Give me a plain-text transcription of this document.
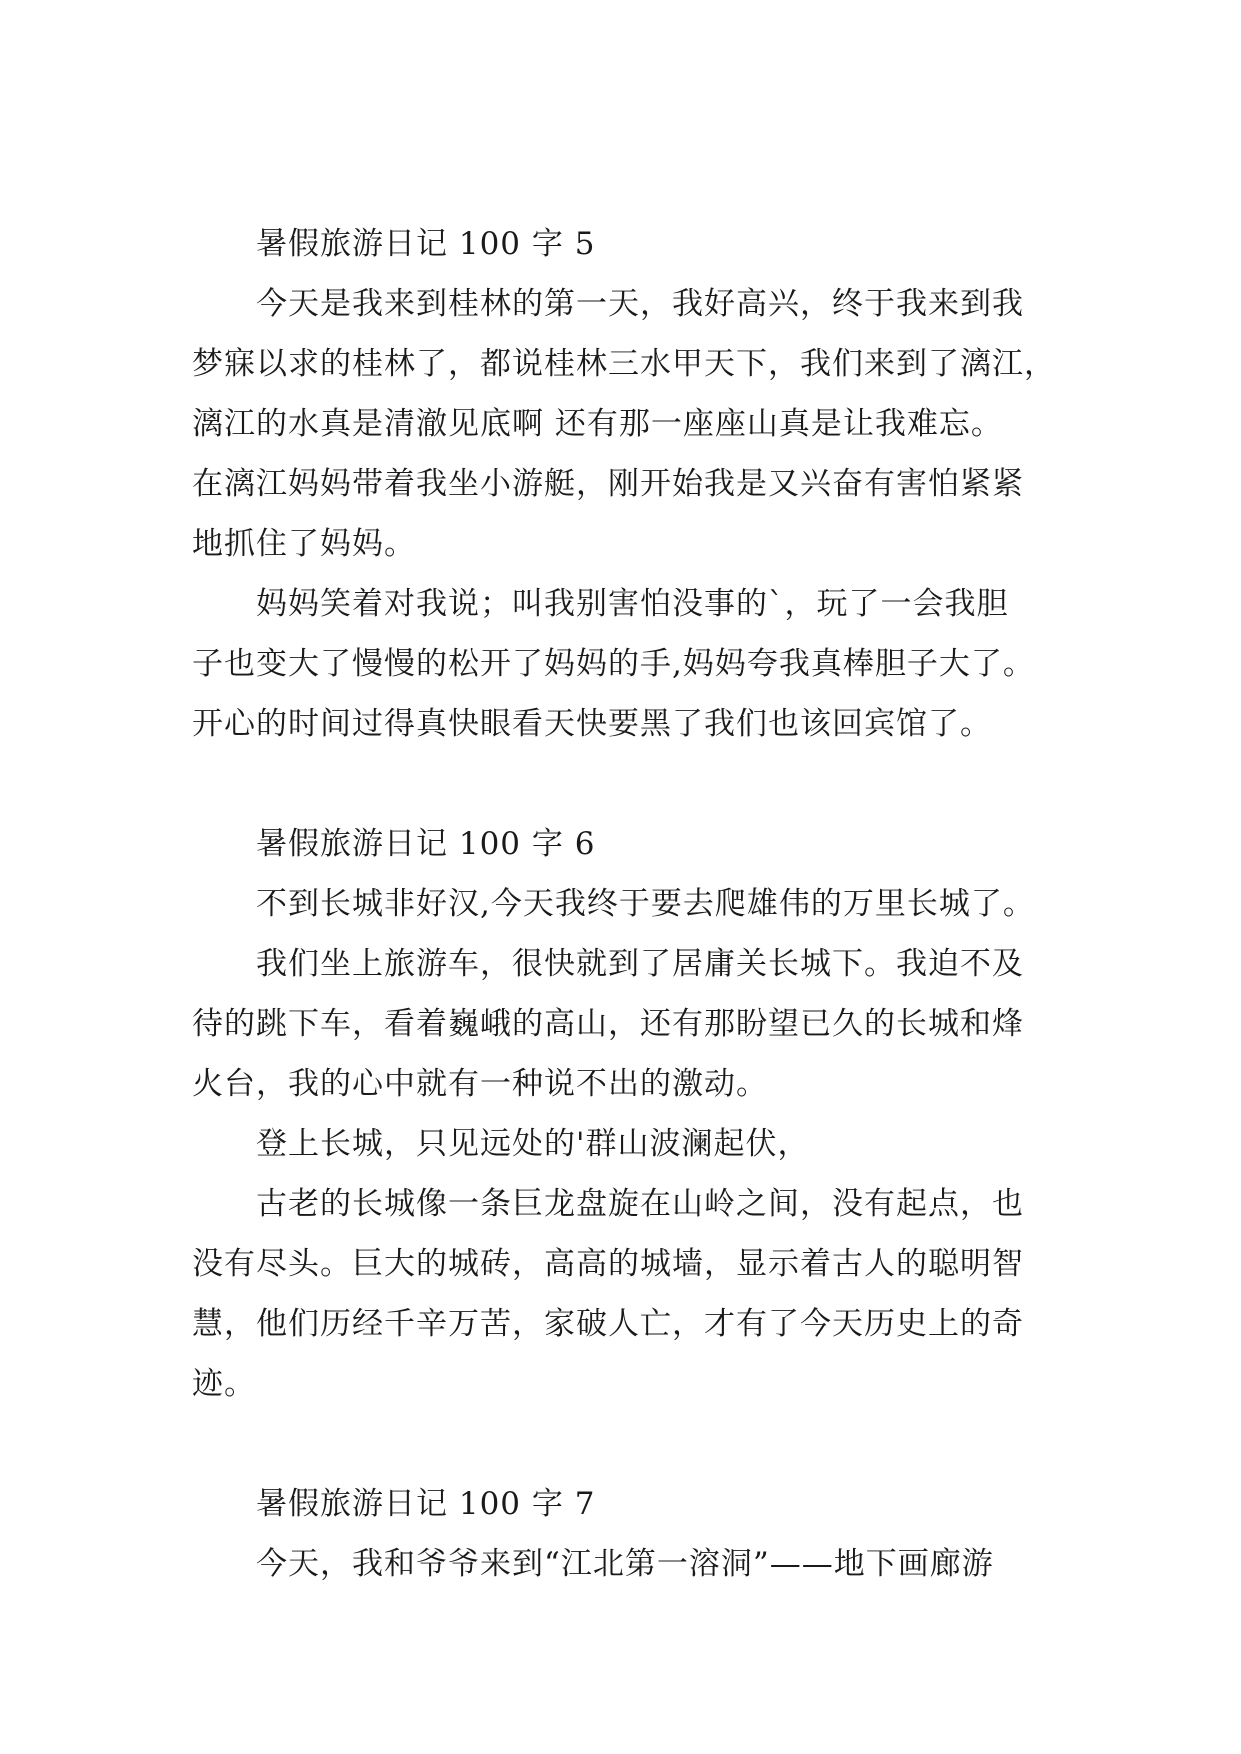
暑假旅游日记 100 字 5
今天是我来到桂林的第一天，我好高兴，终于我来到我
梦寐以求的桂林了，都说桂林三水甲天下，我们来到了漓江，
漓江的水真是清澈见底啊 还有那一座座山真是让我难忘。
在漓江妈妈带着我坐小游艇，刚开始我是又兴奋有害怕紧紧
地抓住了妈妈。
妈妈笑着对我说；叫我别害怕没事的`，玩了一会我胆
子也变大了慢慢的松开了妈妈的手,妈妈夸我真棒胆子大了。
开心的时间过得真快眼看天快要黑了我们也该回宾馆了。
暑假旅游日记 100 字 6
不到长城非好汉,今天我终于要去爬雄伟的万里长城了。
我们坐上旅游车，很快就到了居庸关长城下。我迫不及
待的跳下车，看着巍峨的高山，还有那盼望已久的长城和烽
火台，我的心中就有一种说不出的激动。
登上长城，只见远处的'群山波澜起伏，
古老的长城像一条巨龙盘旋在山岭之间，没有起点，也
没有尽头。巨大的城砖，高高的城墙，显示着古人的聪明智
慧，他们历经千辛万苦，家破人亡，才有了今天历史上的奇
迹。
暑假旅游日记 100 字 7
今天，我和爷爷来到“江北第一溶洞”——地下画廊游
